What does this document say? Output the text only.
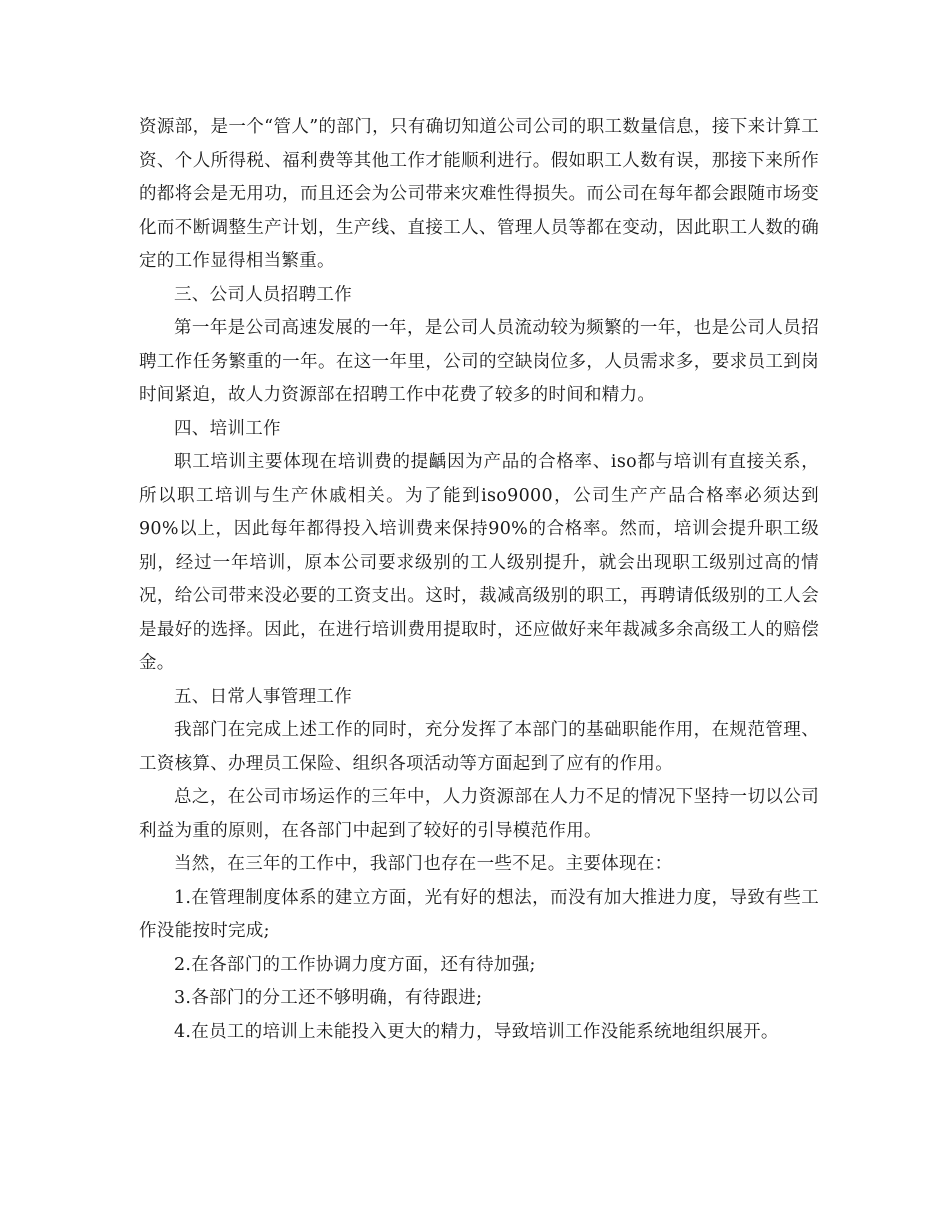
资源部，是一个“管人”的部门，只有确切知道公司公司的职工数量信息，接下来计算工资、个人所得税、福利费等其他工作才能顺利进行。假如职工人数有误，那接下来所作的都将会是无用功，而且还会为公司带来灾难性得损失。而公司在每年都会跟随市场变化而不断调整生产计划，生产线、直接工人、管理人员等都在变动，因此职工人数的确定的工作显得相当繁重。

三、公司人员招聘工作

第一年是公司高速发展的一年，是公司人员流动较为频繁的一年，也是公司人员招聘工作任务繁重的一年。在这一年里，公司的空缺岗位多，人员需求多，要求员工到岗时间紧迫，故人力资源部在招聘工作中花费了较多的时间和精力。

四、培训工作

职工培训主要体现在培训费的提齲因为产品的合格率、iso都与培训有直接关系，所以职工培训与生产休戚相关。为了能到iso9000，公司生产产品合格率必须达到90%以上，因此每年都得投入培训费来保持90%的合格率。然而，培训会提升职工级别，经过一年培训，原本公司要求级别的工人级别提升，就会出现职工级别过高的情况，给公司带来没必要的工资支出。这时，裁减高级别的职工，再聘请低级别的工人会是最好的选择。因此，在进行培训费用提取时，还应做好来年裁减多余高级工人的赔偿金。

五、日常人事管理工作

我部门在完成上述工作的同时，充分发挥了本部门的基础职能作用，在规范管理、工资核算、办理员工保险、组织各项活动等方面起到了应有的作用。

总之，在公司市场运作的三年中，人力资源部在人力不足的情况下坚持一切以公司利益为重的原则，在各部门中起到了较好的引导模范作用。

当然，在三年的工作中，我部门也存在一些不足。主要体现在：

1.在管理制度体系的建立方面，光有好的想法，而没有加大推进力度，导致有些工作没能按时完成;

2.在各部门的工作协调力度方面，还有待加强;

3.各部门的分工还不够明确，有待跟进;

4.在员工的培训上未能投入更大的精力，导致培训工作没能系统地组织展开。
